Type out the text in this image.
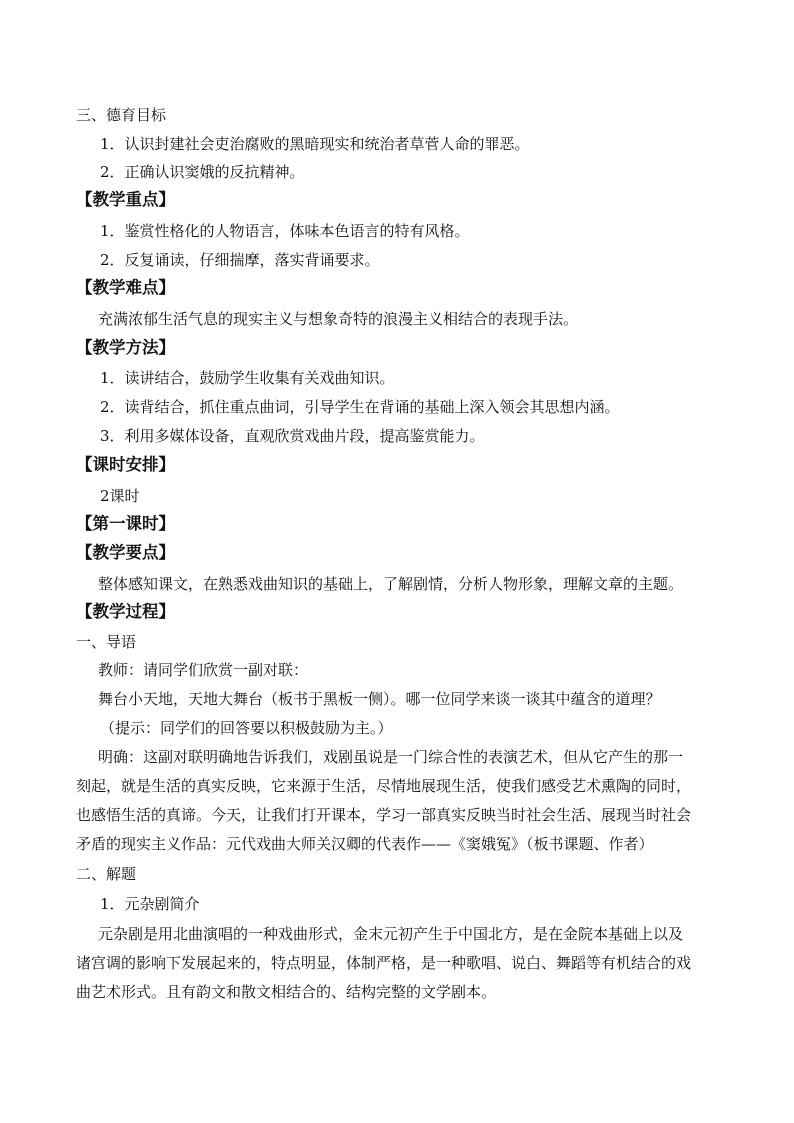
三、德育目标
1．认识封建社会吏治腐败的黑暗现实和统治者草菅人命的罪恶。
2．正确认识窦娥的反抗精神。
【教学重点】
1．鉴赏性格化的人物语言，体味本色语言的特有风格。
2．反复诵读，仔细揣摩，落实背诵要求。
【教学难点】
充满浓郁生活气息的现实主义与想象奇特的浪漫主义相结合的表现手法。
【教学方法】
1．读讲结合，鼓励学生收集有关戏曲知识。
2．读背结合，抓住重点曲词，引导学生在背诵的基础上深入领会其思想内涵。
3．利用多媒体设备，直观欣赏戏曲片段，提高鉴赏能力。
【课时安排】
2课时
【第一课时】
【教学要点】
整体感知课文，在熟悉戏曲知识的基础上，了解剧情，分析人物形象，理解文章的主题。
【教学过程】
一、导语
教师：请同学们欣赏一副对联：
舞台小天地，天地大舞台（板书于黑板一侧）。哪一位同学来谈一谈其中蕴含的道理？
（提示：同学们的回答要以积极鼓励为主。）
明确：这副对联明确地告诉我们，戏剧虽说是一门综合性的表演艺术，但从它产生的那一
刻起，就是生活的真实反映，它来源于生活，尽情地展现生活，使我们感受艺术熏陶的同时，
也感悟生活的真谛。今天，让我们打开课本，学习一部真实反映当时社会生活、展现当时社会
矛盾的现实主义作品：元代戏曲大师关汉卿的代表作——《窦娥冤》（板书课题、作者）
二、解题
1．元杂剧简介
元杂剧是用北曲演唱的一种戏曲形式，金末元初产生于中国北方，是在金院本基础上以及
诸宫调的影响下发展起来的，特点明显，体制严格，是一种歌唱、说白、舞蹈等有机结合的戏
曲艺术形式。且有韵文和散文相结合的、结构完整的文学剧本。
